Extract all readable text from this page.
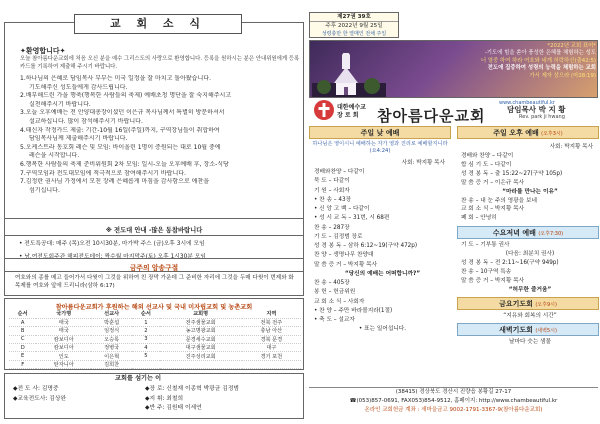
교 회 소 식
✦환영합니다✦
오늘 참아름다운교회에 처음 오신 분을 예수 그리스도의 사랑으로 환영합니다. 등록을 원하시는 분은 안내위원에게 등록카드를 기록하여 제출해 주시기 바랍니다.
1.하나님의 은혜로 담임목사 부부는 미국 일정을 잘 마치고 돌아왔습니다.
기도해주신 성도들에게 감사드립니다.
2.배부해드린 가을 행축(행복한 사람들의 축제) 예배초청 명단을 잘 숙지해주시고
실천해주시기 바랍니다.
3.오늘 오후예배는 전 안양대총장이셨던 이은규 목사님께서 특별히 방문하셔서
설교하십니다. 많이 참석해주시기 바랍니다.
4.태신자 작정카드 제출: 기간-10월 16일(주일)까지, 구역장님들이 취합하여
담임목사님께 제출해주시기 바랍니다.
5.오케스트라 동호회 레슨 및 모임: 바이올린 1명이 증원되는 대로 10월 중에
레슨을 시작합니다.
6.행복한 사람들의 축제 준비위원회 2차 모임: 일시-오늘 오후예배 후, 장소-식당
7.구역모임과 전도대모임에 적극적으로 참여해주시기 바랍니다.
7.김정란 권사님 가정에서 모친 장례 은혜롭게 마침을 감사함으로 애찬을
섬기십니다.
※ 전도대 안내 -많은 동참바랍니다
• 전도특공대: 매주 (목)오전 10시30분, 마가박 주스 (금)오후 3시에 모임
• 남.여전도회주관 해피전도데이: 짝수월 마지막주(토) 오후 1시30분 모임
금주의 암송구절
여호와의 종를 메고 들어가서 다윗이 그것을 위하여 친 장막 가운데 그 준비한 자리에 그것을 두매 다윗이 번제와 화목제를 여호와 앞에 드리니라(삼하 6:17)
참아름다운교회가 후원하는 해외 선교사 및 국내 미자립교회 및 농촌교회
순서	국가명	선교사	순서	교회명	지역
A	태국	박훈섭	1	전주샘물교회	전북 전주
B	태국	임정식	2	농고명광교회	충남 아산
C	캄보디아	오승록	3	문경세수교회	경북 문경
D	캄보디아	정병국	4	대구샘물교회	대구
E	인도	이은혁	5	진주성리교회	경기 포천
F	탄자니아	김희찬			
교회를 섬기는 이
◆전 도 사: 김명중
◆교육전도사: 김상완
◆장 로: 신철재 이종혁 박광균 김정범
◆지 휘: 최철희
◆반 주: 김원태 이세연
제27권 39호
주후 2022년 9월 25일
성령충만 한 열매인 전채 주일
*2022년 교회 표어*
-기도에 힘을 쏟아 풍성한 은혜를 체험하는 성도
너 열중 하여 하라 여호와 네게 허락하신(출42:5)
전도에 집중하여 성령의 능력을 체험하는 교회
가서 제자 삼으라 (마28:19)
www.chambeautiful.kr
대한예수교
장 로 회	참아름다운교회	담임목사 박 지 황
Rev. park ji hwang
주일 낮 예배
하나님은 영이시니 예배하는 자가 영과 진리로 예배할지니라(요4:24)
사회: 박지황 목사
경배와찬양 – 다같이
묵 도 – 다같이
기 원 – 사회자
• 찬 송 – 43장
• 신 앙 고 백 – 다같이
• 성 시 교 독 – 31번, 시 68편
찬 송 – 287장
기 도 – 김정범 장로
성 경 봉 독 – 삼하 6:12~19(구약 472p)
찬 양 – 생명나무 찬양대
말 씀 증 거 – 박지황 목사
“당신의 예배는 어떠합니까?”
찬 송 – 405장
봉 헌 – 헌금위원
교 회 소 식 – 사회자
• 찬 양 – 주만 바라볼지라(1절)
• 축 도 – 설교자
• 표는 일어섭니다.
주일 오후 예배 (오후3시)
사회: 박지황 목사
경배와 찬양 – 다같이
합 심 기 도 – 다같이
성 경 봉 독 – 출 15:22~27(구약 105p)
말 씀 증 거 – 이은규 목사
“마라를 만나는 이유”
찬 송 – 내 눈 주의 영광을 보네
교 회 소 식 – 박지황 목사
폐 회 – 안녕히
수요저녁 예배 (오후7:30)
기 도 – 기부통 권사
(다음: 최분치 권사)
성 경 봉 독 – 전 2:11~16(구약 949p)
찬 송 – 10구역 특송
말 씀 증 거 – 박지황 목사
“허무한 즐거움”
금요기도회 (오후9시)
“지유와 회복의 시간”
새벽기도회 (새벽5시)
날마다 숫는 샘물
(38415) 경상북도 경산시 진량읍 봉황길 27-17
☎(053)857-0691, FAX053)854-9512, 홈페이지: http://www.chambeautiful.kr
온라인 교회헌금 계좌 : 새마을금고 9002-1791-3367-9(참아름다운교회)
